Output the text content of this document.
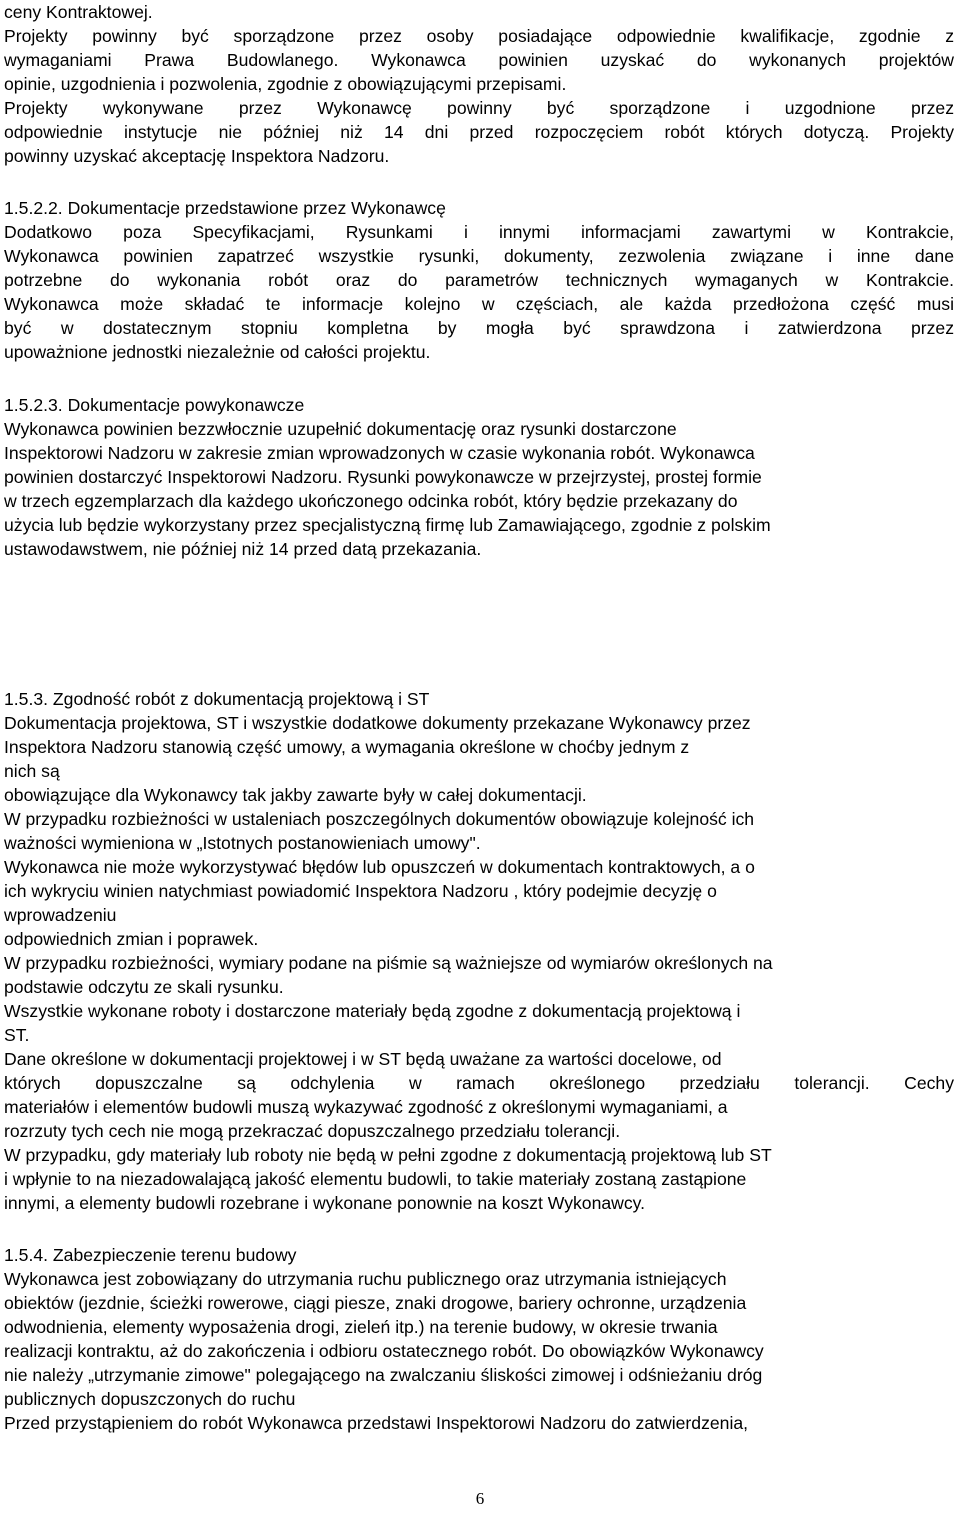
ceny Kontraktowej.

Projekty powinny być sporządzone przez osoby posiadające odpowiednie kwalifikacje, zgodnie z

wymaganiami Prawa Budowlanego. Wykonawca powinien uzyskać do wykonanych projektów

opinie, uzgodnienia i pozwolenia, zgodnie z obowiązującymi przepisami.

Projekty wykonywane przez Wykonawcę powinny być sporządzone i uzgodnione przez

odpowiednie instytucje nie później niż 14 dni przed rozpoczęciem robót których dotyczą. Projekty

powinny uzyskać akceptację Inspektora Nadzoru.

1.5.2.2. Dokumentacje przedstawione przez Wykonawcę

Dodatkowo poza Specyfikacjami, Rysunkami i innymi informacjami zawartymi w Kontrakcie,

Wykonawca powinien zapatrzeć wszystkie rysunki, dokumenty, zezwolenia związane i inne dane

potrzebne do wykonania robót oraz do parametrów technicznych wymaganych w Kontrakcie.

Wykonawca może składać te informacje kolejno w częściach, ale każda przedłożona część musi

być w dostatecznym stopniu kompletna by mogła być sprawdzona i zatwierdzona przez

upoważnione jednostki niezależnie od całości projektu.

1.5.2.3. Dokumentacje powykonawcze

Wykonawca powinien bezzwłocznie uzupełnić dokumentację oraz rysunki dostarczone

Inspektorowi Nadzoru w zakresie zmian wprowadzonych w czasie wykonania robót. Wykonawca

powinien dostarczyć Inspektorowi Nadzoru. Rysunki powykonawcze w przejrzystej, prostej formie

w trzech egzemplarzach dla każdego ukończonego odcinka robót, który będzie przekazany do

użycia lub będzie wykorzystany przez specjalistyczną firmę lub Zamawiającego, zgodnie z polskim

ustawodawstwem, nie później niż 14 przed datą przekazania.

1.5.3. Zgodność robót z dokumentacją projektową i ST

Dokumentacja projektowa, ST i wszystkie dodatkowe dokumenty przekazane Wykonawcy przez

Inspektora Nadzoru stanowią część umowy, a wymagania określone w choćby jednym z

nich są

obowiązujące dla Wykonawcy tak jakby zawarte były w całej dokumentacji.

W przypadku rozbieżności w ustaleniach poszczególnych dokumentów obowiązuje kolejność ich

ważności wymieniona w „Istotnych postanowieniach umowy".

Wykonawca nie może wykorzystywać błędów lub opuszczeń w dokumentach kontraktowych, a o

ich wykryciu winien natychmiast powiadomić Inspektora Nadzoru , który podejmie decyzję o

wprowadzeniu

odpowiednich zmian i poprawek.

W przypadku rozbieżności, wymiary podane na piśmie są ważniejsze od wymiarów określonych na

podstawie odczytu ze skali rysunku.

Wszystkie wykonane roboty i dostarczone materiały będą zgodne z dokumentacją projektową i

ST.

Dane określone w dokumentacji projektowej i w ST będą uważane za wartości docelowe, od

których dopuszczalne są odchylenia w ramach określonego przedziału tolerancji. Cechy

materiałów i elementów budowli muszą wykazywać zgodność z określonymi wymaganiami, a

rozrzuty tych cech nie mogą przekraczać dopuszczalnego przedziału tolerancji.

W przypadku, gdy materiały lub roboty nie będą w pełni zgodne z dokumentacją projektową lub ST

i wpłynie to na niezadowalającą jakość elementu budowli, to takie materiały zostaną zastąpione

innymi, a elementy budowli rozebrane i wykonane ponownie na koszt Wykonawcy.

1.5.4. Zabezpieczenie terenu budowy

Wykonawca jest zobowiązany do utrzymania ruchu publicznego oraz utrzymania istniejących

obiektów (jezdnie, ścieżki rowerowe, ciągi piesze, znaki drogowe, bariery ochronne, urządzenia

odwodnienia, elementy wyposażenia drogi, zieleń itp.) na terenie budowy, w okresie trwania

realizacji kontraktu, aż do zakończenia i odbioru ostatecznego robót. Do obowiązków Wykonawcy

nie należy „utrzymanie zimowe" polegającego na zwalczaniu śliskości zimowej i odśnieżaniu dróg

publicznych dopuszczonych do ruchu

Przed przystąpieniem do robót Wykonawca przedstawi Inspektorowi Nadzoru do zatwierdzenia,

6
